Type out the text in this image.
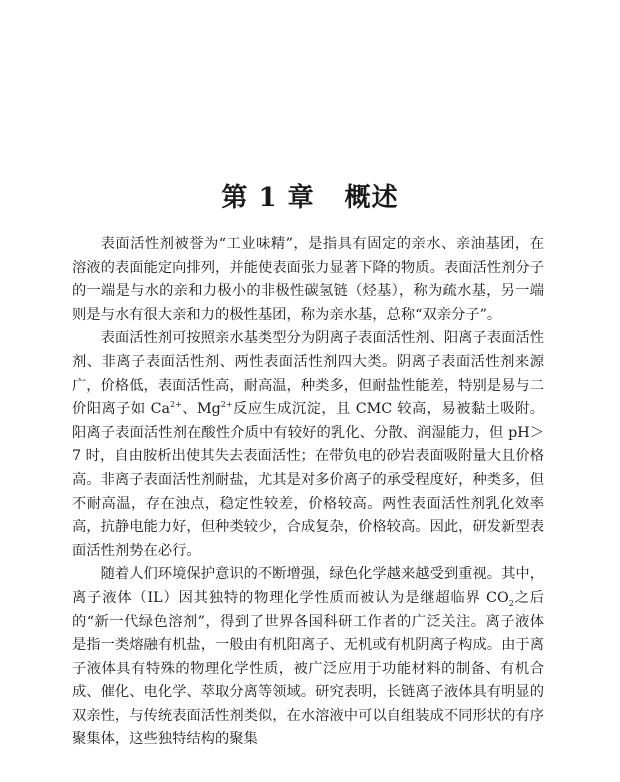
第 1 章 概述

表面活性剂被誉为“工业味精”，是指具有固定的亲水、亲油基团，在溶液的表面能定向排列，并能使表面张力显著下降的物质。表面活性剂分子的一端是与水的亲和力极小的非极性碳氢链（烃基），称为疏水基，另一端则是与水有很大亲和力的极性基团，称为亲水基，总称“双亲分子”。

表面活性剂可按照亲水基类型分为阴离子表面活性剂、阳离子表面活性剂、非离子表面活性剂、两性表面活性剂四大类。阴离子表面活性剂来源广，价格低，表面活性高，耐高温，种类多，但耐盐性能差，特别是易与二价阳离子如 $Ca^{2+}$、$Mg^{2+}$反应生成沉淀，且 CMC 较高，易被黏土吸附。阳离子表面活性剂在酸性介质中有较好的乳化、分散、润湿能力，但 pH＞7 时，自由胺析出使其失去表面活性；在带负电的砂岩表面吸附量大且价格高。非离子表面活性剂耐盐，尤其是对多价离子的承受程度好，种类多，但不耐高温，存在浊点，稳定性较差，价格较高。两性表面活性剂乳化效率高，抗静电能力好，但种类较少，合成复杂，价格较高。因此，研发新型表面活性剂势在必行。

随着人们环境保护意识的不断增强，绿色化学越来越受到重视。其中，离子液体（IL）因其独特的物理化学性质而被认为是继超临界 $CO_2$之后的“新一代绿色溶剂”，得到了世界各国科研工作者的广泛关注。离子液体是指一类熔融有机盐，一般由有机阳离子、无机或有机阴离子构成。由于离子液体具有特殊的物理化学性质，被广泛应用于功能材料的制备、有机合成、催化、电化学、萃取分离等领域。研究表明，长链离子液体具有明显的双亲性，与传统表面活性剂类似，在水溶液中可以自组装成不同形状的有序聚集体，这些独特结构的聚集
